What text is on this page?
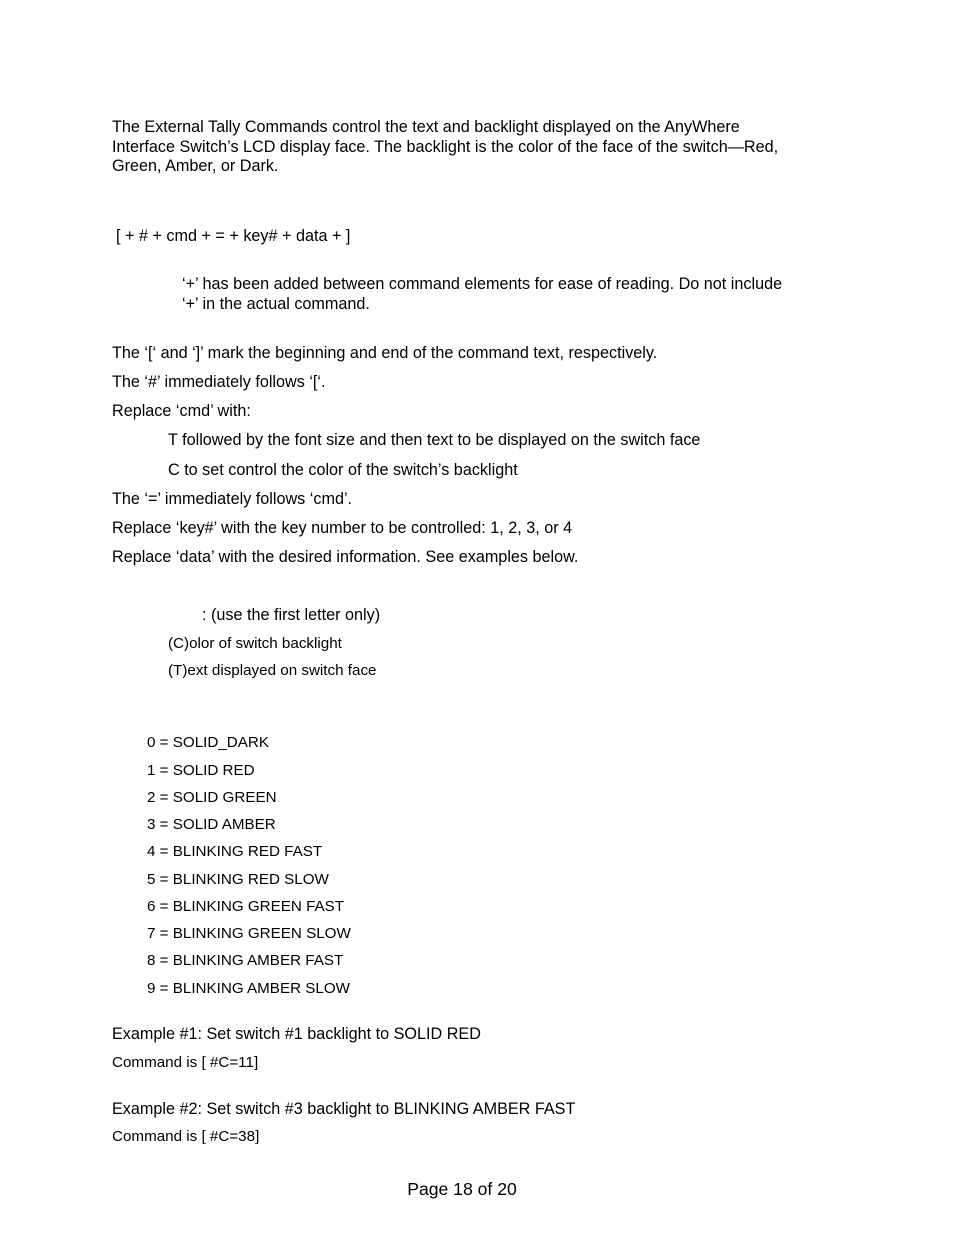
The External Tally Commands control the text and backlight displayed on the AnyWhere Interface Switch’s LCD display face. The backlight is the color of the face of the switch—Red, Green, Amber, or Dark.

[ + # + cmd + = + key# + data + ]

‘+’ has been added between command elements for ease of reading. Do not include ‘+’ in the actual command.

The ‘[‘ and ‘]’ mark the beginning and end of the command text, respectively.
The ‘#’ immediately follows ‘[‘.
Replace ‘cmd’ with:
T followed by the font size and then text to be displayed on the switch face
C to set control the color of the switch’s backlight
The ‘=’ immediately follows ‘cmd’.
Replace ‘key#’ with the key number to be controlled: 1, 2, 3, or 4
Replace ‘data’ with the desired information. See examples below.
: (use the first letter only)
(C)olor of switch backlight
(T)ext displayed on switch face
0 = SOLID_DARK
1 = SOLID RED
2 = SOLID GREEN
3 = SOLID AMBER
4 = BLINKING RED FAST
5 = BLINKING RED SLOW
6 = BLINKING GREEN FAST
7 = BLINKING GREEN SLOW
8 = BLINKING AMBER FAST
9 = BLINKING AMBER SLOW
Example #1: Set switch #1 backlight to SOLID RED
Command is [ #C=11]
Example #2: Set switch #3 backlight to BLINKING AMBER FAST
Command is [ #C=38]
Page 18 of 20
